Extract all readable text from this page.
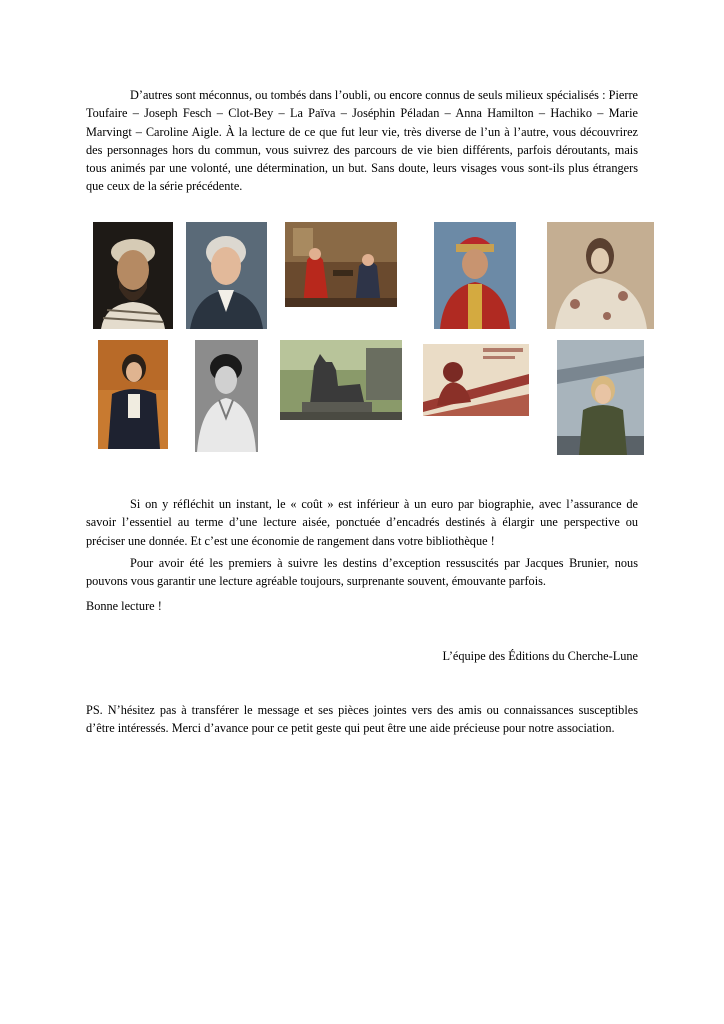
D’autres sont méconnus, ou tombés dans l’oubli, ou encore connus de seuls milieux spécialisés : Pierre Toufaire – Joseph Fesch – Clot-Bey – La Païva – Joséphin Péladan – Anna Hamilton – Hachiko – Marie Marvingt – Caroline Aigle. À la lecture de ce que fut leur vie, très diverse de l’un à l’autre, vous découvrirez des personnages hors du commun, vous suivrez des parcours de vie bien différents, parfois déroutants, mais tous animés par une volonté, une détermination, un but. Sans doute, leurs visages vous sont-ils plus étrangers que ceux de la série précédente.

Si on y réfléchit un instant, le « coût » est inférieur à un euro par biographie, avec l’assurance de savoir l’essentiel au terme d’une lecture aisée, ponctuée d’encadrés destinés à élargir une perspective ou préciser une donnée. Et c’est une économie de rangement dans votre bibliothèque !

Pour avoir été les premiers à suivre les destins d’exception ressuscités par Jacques Brunier, nous pouvons vous garantir une lecture agréable toujours, surprenante souvent, émouvante parfois.

Bonne lecture !

L’équipe des Éditions du Cherche-Lune

PS. N’hésitez pas à transférer le message et ses pièces jointes vers des amis ou connaissances susceptibles d’être intéressés. Merci d’avance pour ce petit geste qui peut être une aide précieuse pour notre association.
